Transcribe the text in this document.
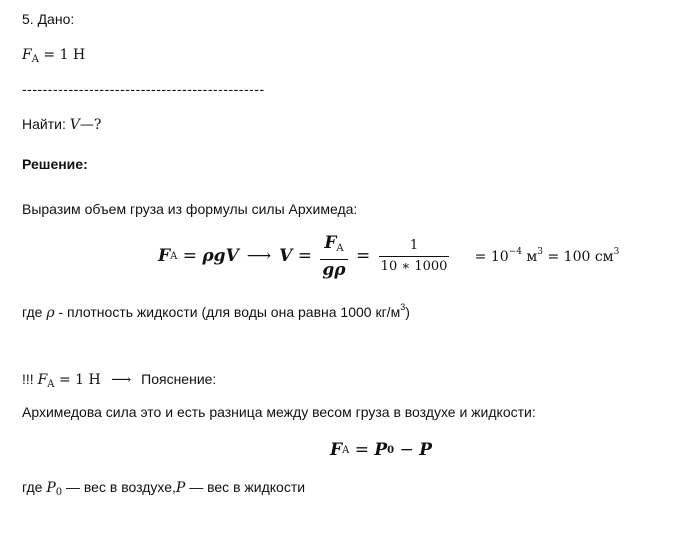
5. Дано:
$F_A = 1$ Н
-----------------------------------------------
Найти: V—?
Решение:
Выразим объем груза из формулы силы Архимеда:
F A = ρgV ⟶ $V = \frac{F_A}{g\rho} = \frac{1}{10 ∗ 1000}$	= $10^{-4}$ $м^3 = 100$ $см^3$

где ρ - плотность жидкости (для воды она равна 1000 $кг/м^3$)
!!! $F_A = 1$ Н ⟶ Пояснение:
Архимедова сила это и есть разница между весом груза в воздухе и жидкости:
F A = P 0 − P
где $P_0$ — вес в воздухе,P — вес в жидкости
